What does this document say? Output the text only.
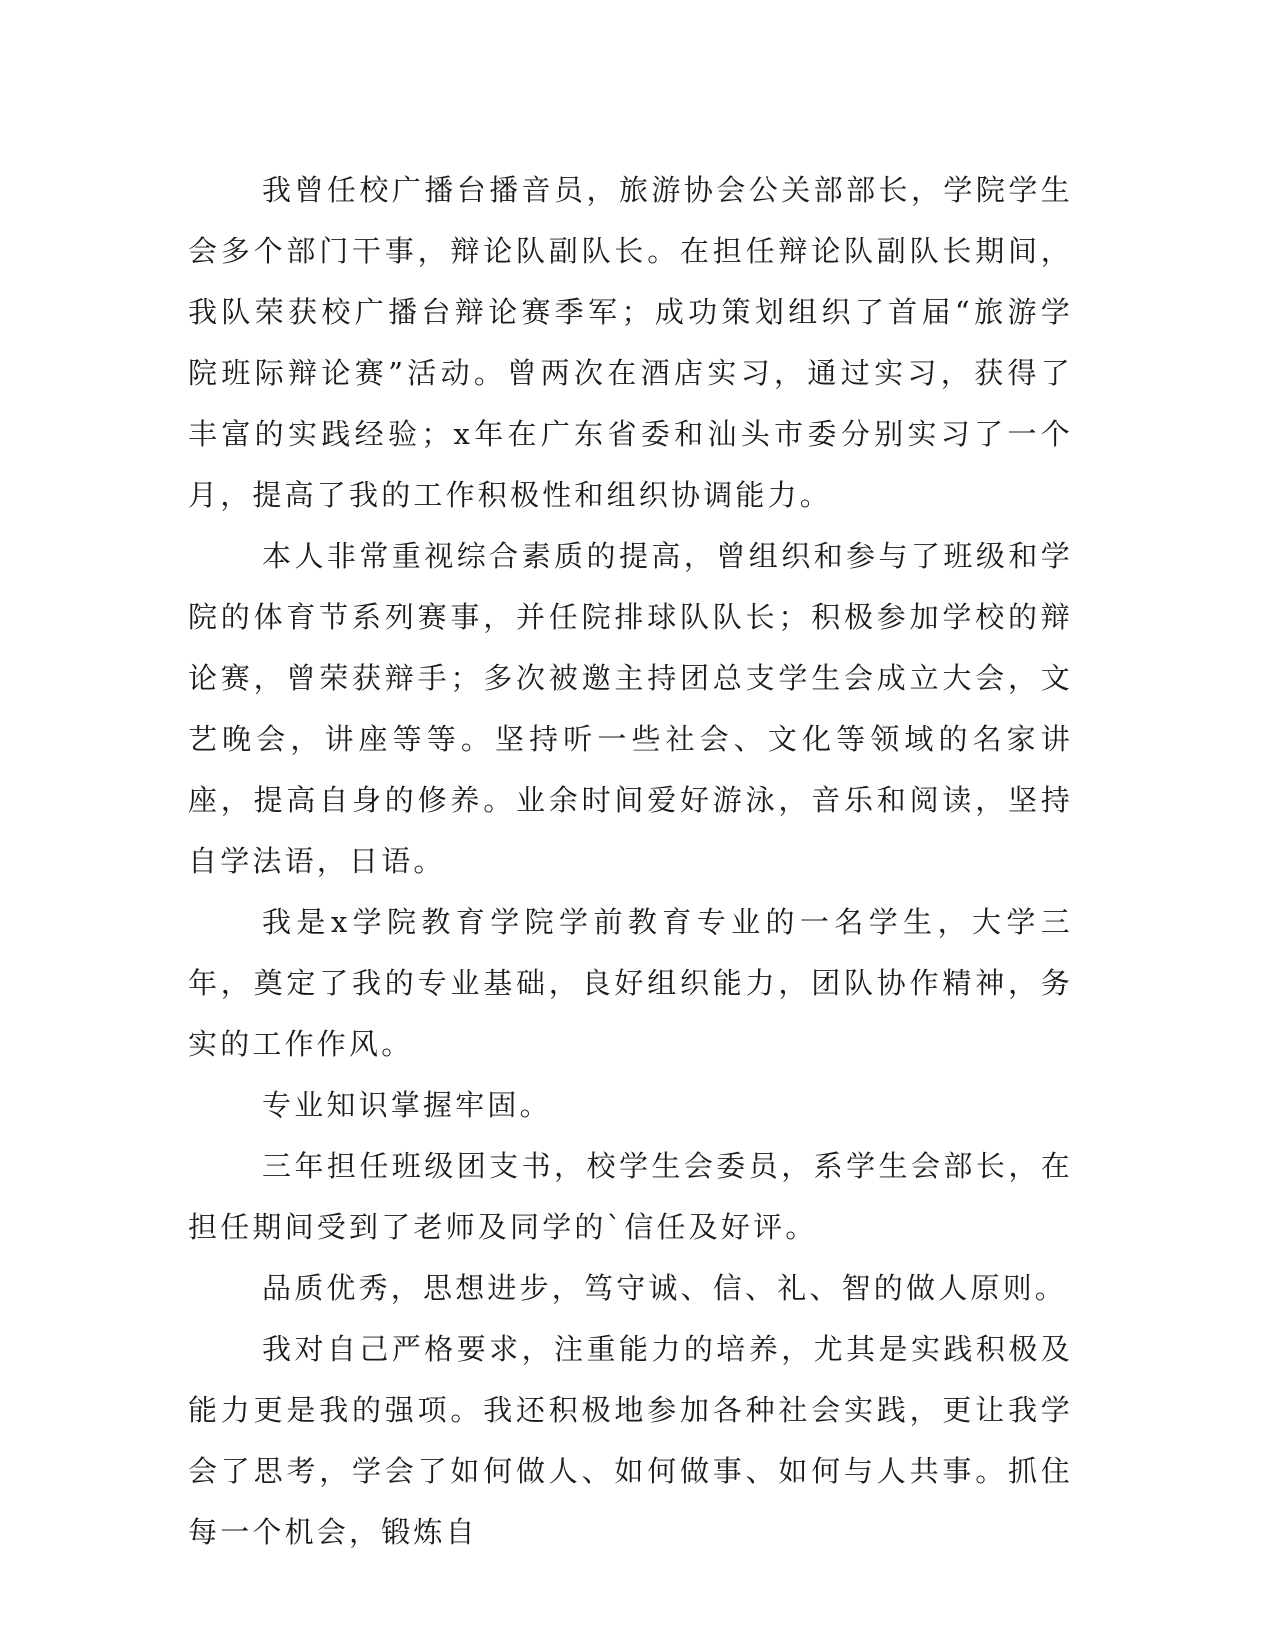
我曾任校广播台播音员，旅游协会公关部部长，学院学生会多个部门干事，辩论队副队长。在担任辩论队副队长期间，我队荣获校广播台辩论赛季军；成功策划组织了首届“旅游学院班际辩论赛”活动。曾两次在酒店实习，通过实习，获得了丰富的实践经验；x年在广东省委和汕头市委分别实习了一个月，提高了我的工作积极性和组织协调能力。

本人非常重视综合素质的提高，曾组织和参与了班级和学院的体育节系列赛事，并任院排球队队长；积极参加学校的辩论赛，曾荣获辩手；多次被邀主持团总支学生会成立大会，文艺晚会，讲座等等。坚持听一些社会、文化等领域的名家讲座，提高自身的修养。业余时间爱好游泳，音乐和阅读，坚持自学法语，日语。

我是x学院教育学院学前教育专业的一名学生，大学三年，奠定了我的专业基础，良好组织能力，团队协作精神，务实的工作作风。

专业知识掌握牢固。

三年担任班级团支书，校学生会委员，系学生会部长，在担任期间受到了老师及同学的`信任及好评。

品质优秀，思想进步，笃守诚、信、礼、智的做人原则。

我对自己严格要求，注重能力的培养，尤其是实践积极及能力更是我的强项。我还积极地参加各种社会实践，更让我学会了思考，学会了如何做人、如何做事、如何与人共事。抓住每一个机会，锻炼自
